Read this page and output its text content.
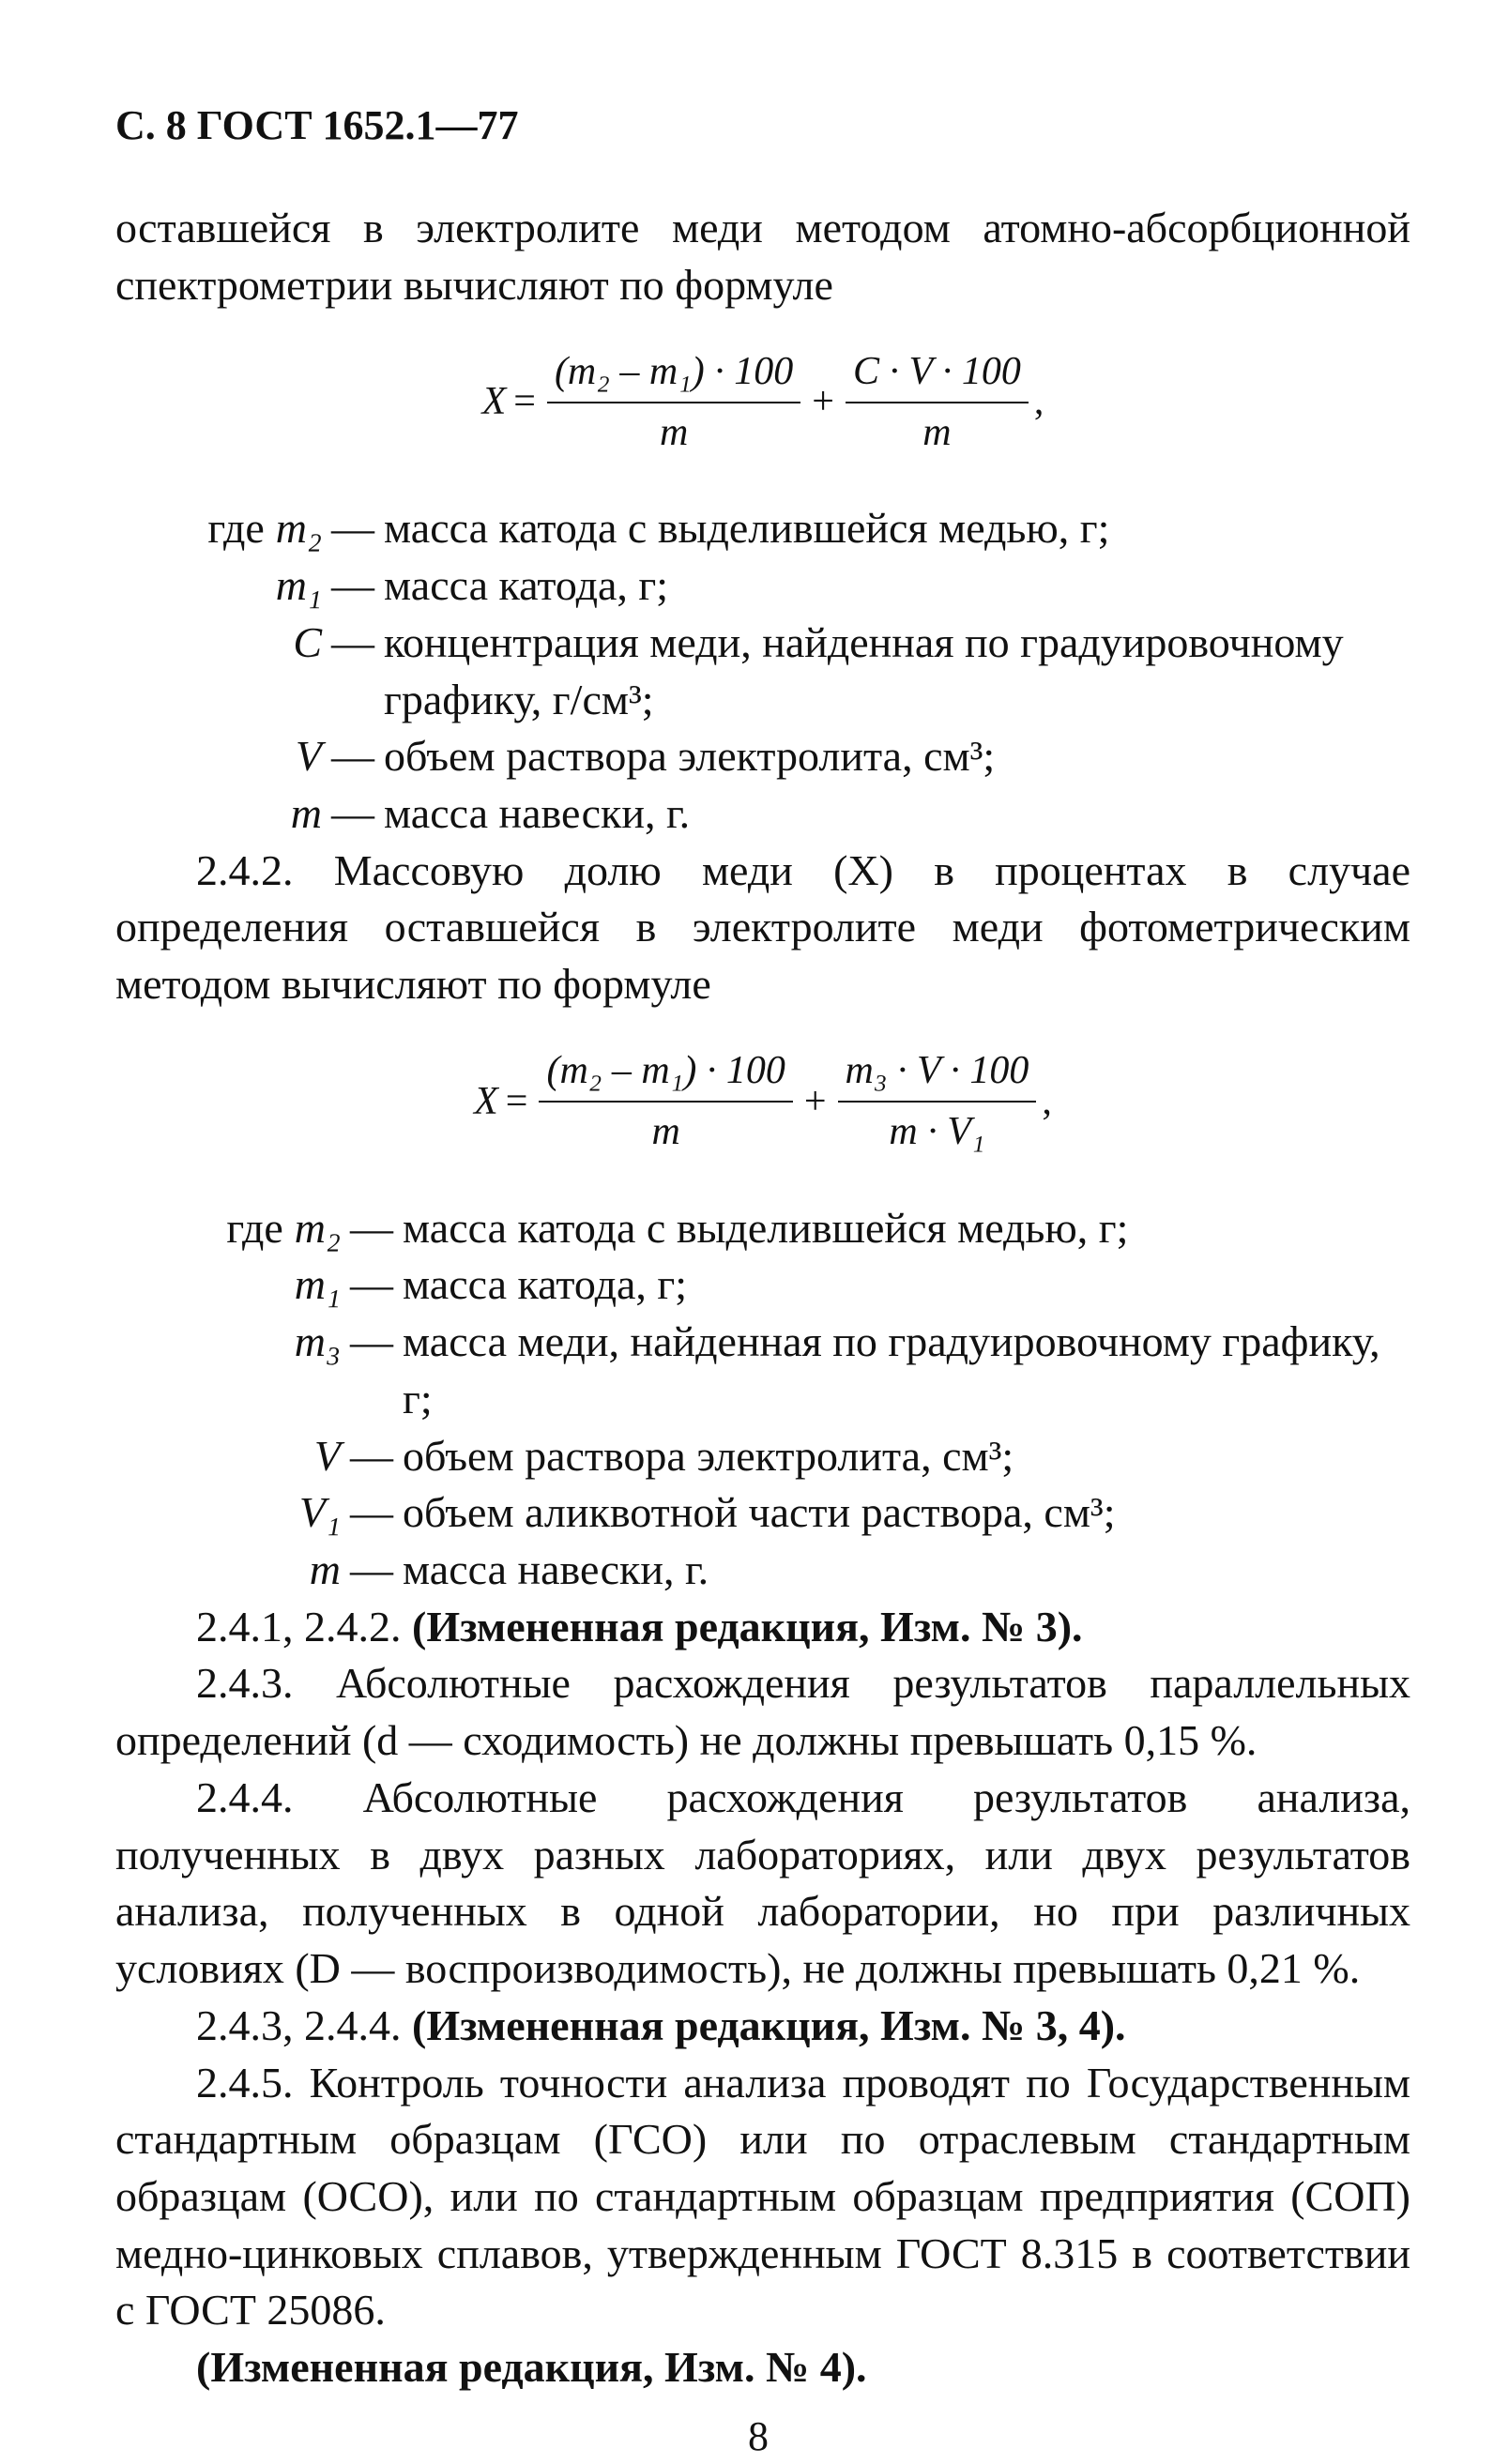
С. 8 ГОСТ 1652.1—77
оставшейся в электролите меди методом атомно-абсорбционной спектрометрии вычисляют по формуле
$X = \frac{\text{(m₂ – m₁) · 100}}{m} + \frac{C \cdot V \cdot 100}{m}$ ,
где m₂ — масса катода с выделившейся медью, г;
m₁ — масса катода, г;
C — концентрация меди, найденная по градуировочному графику, г/см³;
V — объем раствора электролита, см³;
m — масса навески, г.
2.4.2. Массовую долю меди (X) в процентах в случае определения оставшейся в электролите меди фотометрическим методом вычисляют по формуле
$X = \frac{\text{(m₂ – m₁) · 100}}{m} + \frac{\text{m₃ · V · 100}}{\text{m · V₁}}$ ,
где m₂ — масса катода с выделившейся медью, г;
m₁ — масса катода, г;
m₃ — масса меди, найденная по градуировочному графику, г;
V — объем раствора электролита, см³;
V₁ — объем аликвотной части раствора, см³;
m — масса навески, г.
2.4.1, 2.4.2. (Измененная редакция, Изм. № 3).
2.4.3. Абсолютные расхождения результатов параллельных определений (d — сходимость) не должны превышать 0,15 %.
2.4.4. Абсолютные расхождения результатов анализа, полученных в двух разных лабораториях, или двух результатов анализа, полученных в одной лаборатории, но при различных условиях (D — воспроизводимость), не должны превышать 0,21 %.
2.4.3, 2.4.4. (Измененная редакция, Изм. № 3, 4).
2.4.5. Контроль точности анализа проводят по Государственным стандартным образцам (ГСО) или по отраслевым стандартным образцам (ОСО), или по стандартным образцам предприятия (СОП) медно-цинковых сплавов, утвержденным ГОСТ 8.315 в соответствии с ГОСТ 25086.
(Измененная редакция, Изм. № 4).
8
